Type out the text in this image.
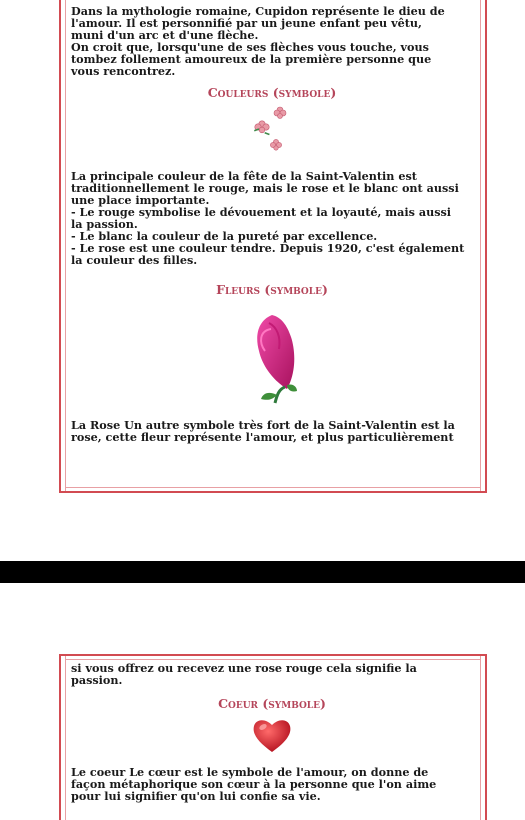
Dans la mythologie romaine, Cupidon représente le dieu de
l'amour. Il est personnifié par un jeune enfant peu vêtu,
muni d'un arc et d'une flèche.
On croit que, lorsqu'une de ses flèches vous touche, vous
tombez follement amoureux de la première personne que
vous rencontrez.

Couleurs (symbole)

La principale couleur de la fête de la Saint-Valentin est
traditionnellement le rouge, mais le rose et le blanc ont aussi
une place importante.
- Le rouge symbolise le dévouement et la loyauté, mais aussi
la passion.
- Le blanc la couleur de la pureté par excellence.
- Le rose est une couleur tendre. Depuis 1920, c'est également
la couleur des filles.

Fleurs (symbole)

La Rose Un autre symbole très fort de la Saint-Valentin est la
rose, cette fleur représente l'amour, et plus particulièrement

si vous offrez ou recevez une rose rouge cela signifie la
passion.

Coeur (symbole)

Le coeur Le cœur est le symbole de l'amour, on donne de
façon métaphorique son cœur à la personne que l'on aime
pour lui signifier qu'on lui confie sa vie.
